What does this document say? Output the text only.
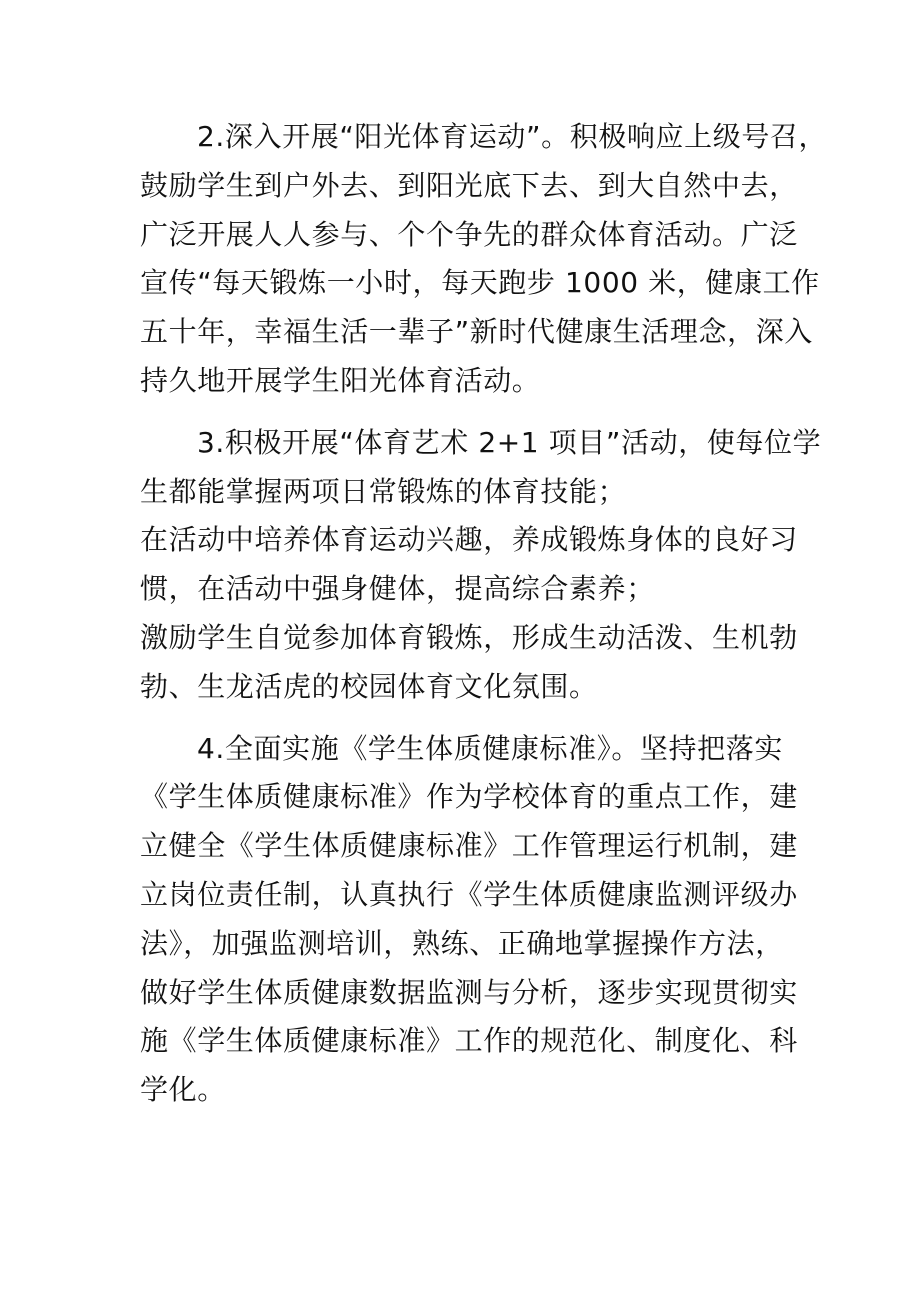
2.深入开展“阳光体育运动”。积极响应上级号召，
鼓励学生到户外去、到阳光底下去、到大自然中去，
广泛开展人人参与、个个争先的群众体育活动。广泛
宣传“每天锻炼一小时，每天跑步 1000 米，健康工作
五十年，幸福生活一辈子”新时代健康生活理念，深入
持久地开展学生阳光体育活动。

3.积极开展“体育艺术 2+1 项目”活动，使每位学
生都能掌握两项日常锻炼的体育技能；

在活动中培养体育运动兴趣，养成锻炼身体的良好习
惯，在活动中强身健体，提高综合素养；

激励学生自觉参加体育锻炼，形成生动活泼、生机勃
勃、生龙活虎的校园体育文化氛围。

4.全面实施《学生体质健康标准》。坚持把落实
《学生体质健康标准》作为学校体育的重点工作，建
立健全《学生体质健康标准》工作管理运行机制，建
立岗位责任制，认真执行《学生体质健康监测评级办
法》，加强监测培训，熟练、正确地掌握操作方法，
做好学生体质健康数据监测与分析，逐步实现贯彻实
施《学生体质健康标准》工作的规范化、制度化、科
学化。
